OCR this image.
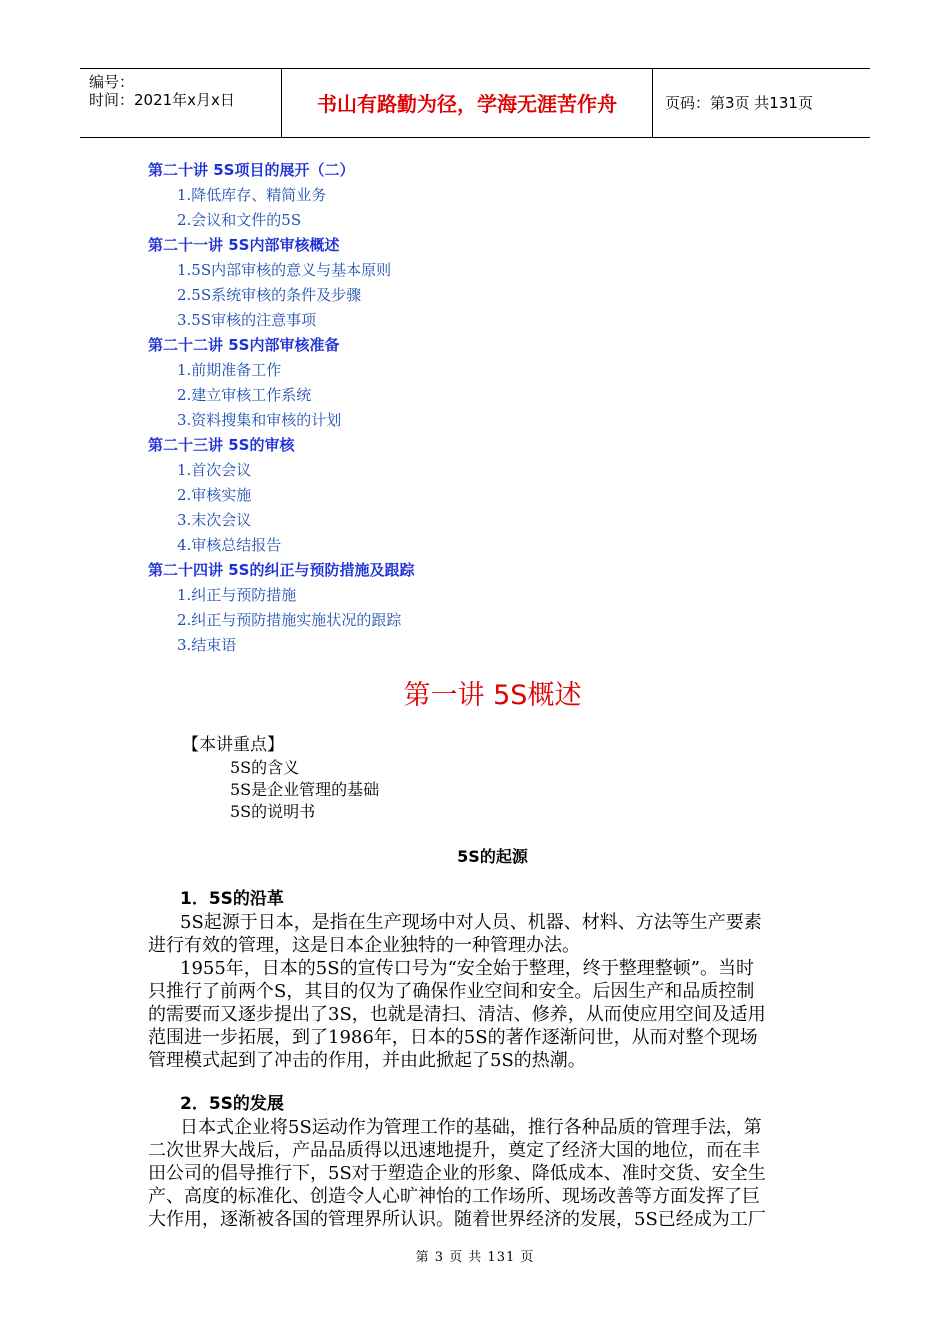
编号：
时间：2021年x月x日	书山有路勤为径，学海无涯苦作舟	页码：第3页 共131页
第二十讲 5S项目的展开（二）
1.降低库存、精简业务
2.会议和文件的5S
第二十一讲 5S内部审核概述
1.5S内部审核的意义与基本原则
2.5S系统审核的条件及步骤
3.5S审核的注意事项
第二十二讲 5S内部审核准备
1.前期准备工作
2.建立审核工作系统
3.资料搜集和审核的计划
第二十三讲 5S的审核
1.首次会议
2.审核实施
3.末次会议
4.审核总结报告
第二十四讲 5S的纠正与预防措施及跟踪
1.纠正与预防措施
2.纠正与预防措施实施状况的跟踪
3.结束语
第一讲 5S概述
【本讲重点】
5S的含义
5S是企业管理的基础
5S的说明书
5S的起源
1．5S的沿革
5S起源于日本，是指在生产现场中对人员、机器、材料、方法等生产要素
进行有效的管理，这是日本企业独特的一种管理办法。
1955年，日本的5S的宣传口号为“安全始于整理，终于整理整顿”。当时
只推行了前两个S，其目的仅为了确保作业空间和安全。后因生产和品质控制
的需要而又逐步提出了3S，也就是清扫、清洁、修养，从而使应用空间及适用
范围进一步拓展，到了1986年，日本的5S的著作逐渐问世，从而对整个现场
管理模式起到了冲击的作用，并由此掀起了5S的热潮。
2．5S的发展
日本式企业将5S运动作为管理工作的基础，推行各种品质的管理手法，第
二次世界大战后，产品品质得以迅速地提升，奠定了经济大国的地位，而在丰
田公司的倡导推行下，5S对于塑造企业的形象、降低成本、准时交货、安全生
产、高度的标准化、创造令人心旷神怡的工作场所、现场改善等方面发挥了巨
大作用，逐渐被各国的管理界所认识。随着世界经济的发展，5S已经成为工厂
第 3 页 共 131 页
